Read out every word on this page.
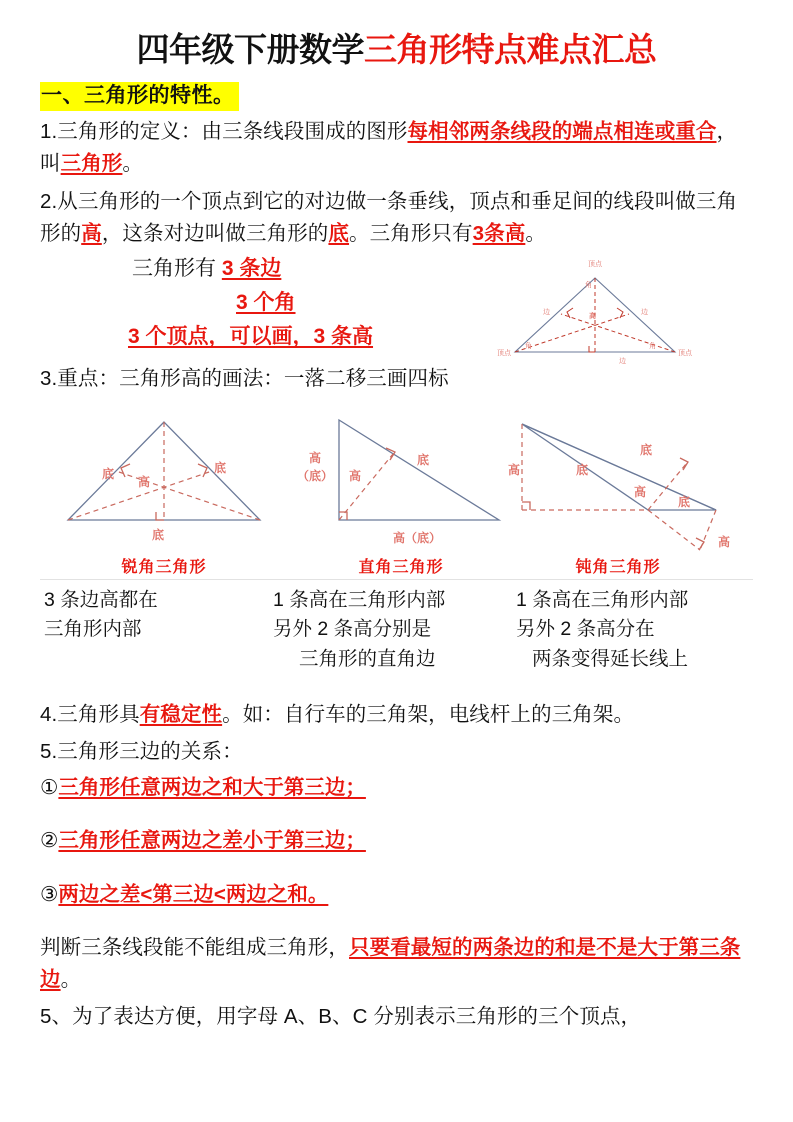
四年级下册数学三角形特点难点汇总
一、三角形的特性。

1.三角形的定义：由三条线段围成的图形每相邻两条线段的端点相连或重合，叫三角形。

2.从三角形的一个顶点到它的对边做一条垂线，顶点和垂足间的线段叫做三角形的高，这条对边叫做三角形的底。三角形只有3条高。

三角形有 3 条边
3 个角
3 个顶点，可以画，3 条高
顶点
顶点	顶点
边	边
边
角
角	角
高

3.重点：三角形高的画法：一落二移三画四标

底	底
底
高
锐角三角形
高
（底）
高（底）
底
高
直角三角形
高	底
底
高
底
高
钝角三角形
3 条边高都在
三角形内部
1 条高在三角形内部
另外 2 条高分别是
三角形的直角边
1 条高在三角形内部
另外 2 条高分在
两条变得延长线上

4.三角形具有稳定性。如：自行车的三角架，电线杆上的三角架。

5.三角形三边的关系：

①三角形任意两边之和大于第三边；

②三角形任意两边之差小于第三边；

③两边之差<第三边<两边之和。

判断三条线段能不能组成三角形，只要看最短的两条边的和是不是大于第三条边。

5、为了表达方便，用字母 A、B、C 分别表示三角形的三个顶点，
